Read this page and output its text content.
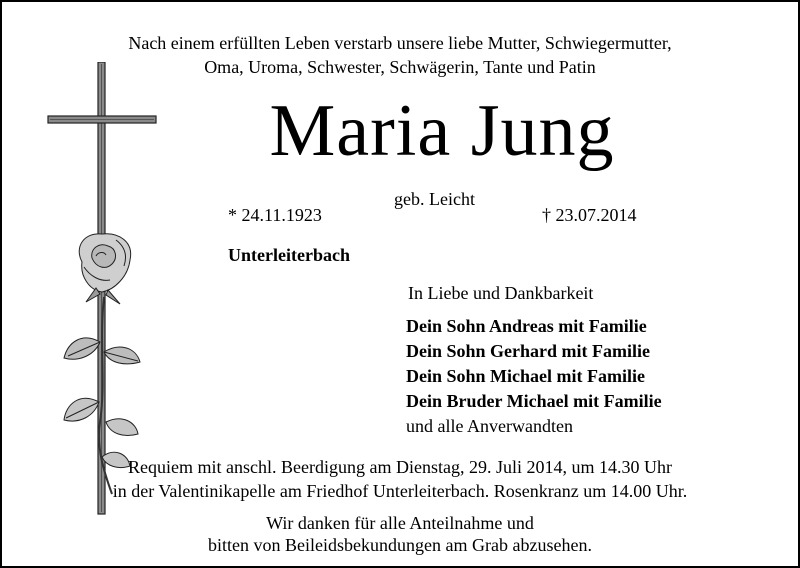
Nach einem erfüllten Leben verstarb unsere liebe Mutter, Schwiegermutter,
Oma, Uroma, Schwester, Schwägerin, Tante und Patin
Maria Jung
geb. Leicht
* 24.11.1923	† 23.07.2014
Unterleiterbach
In Liebe und Dankbarkeit
Dein Sohn Andreas mit Familie
Dein Sohn Gerhard mit Familie
Dein Sohn Michael mit Familie
Dein Bruder Michael mit Familie
und alle Anverwandten
Requiem mit anschl. Beerdigung am Dienstag, 29. Juli 2014, um 14.30 Uhr
in der Valentinikapelle am Friedhof Unterleiterbach. Rosenkranz um 14.00 Uhr.
Wir danken für alle Anteilnahme und
bitten von Beileidsbekundungen am Grab abzusehen.
